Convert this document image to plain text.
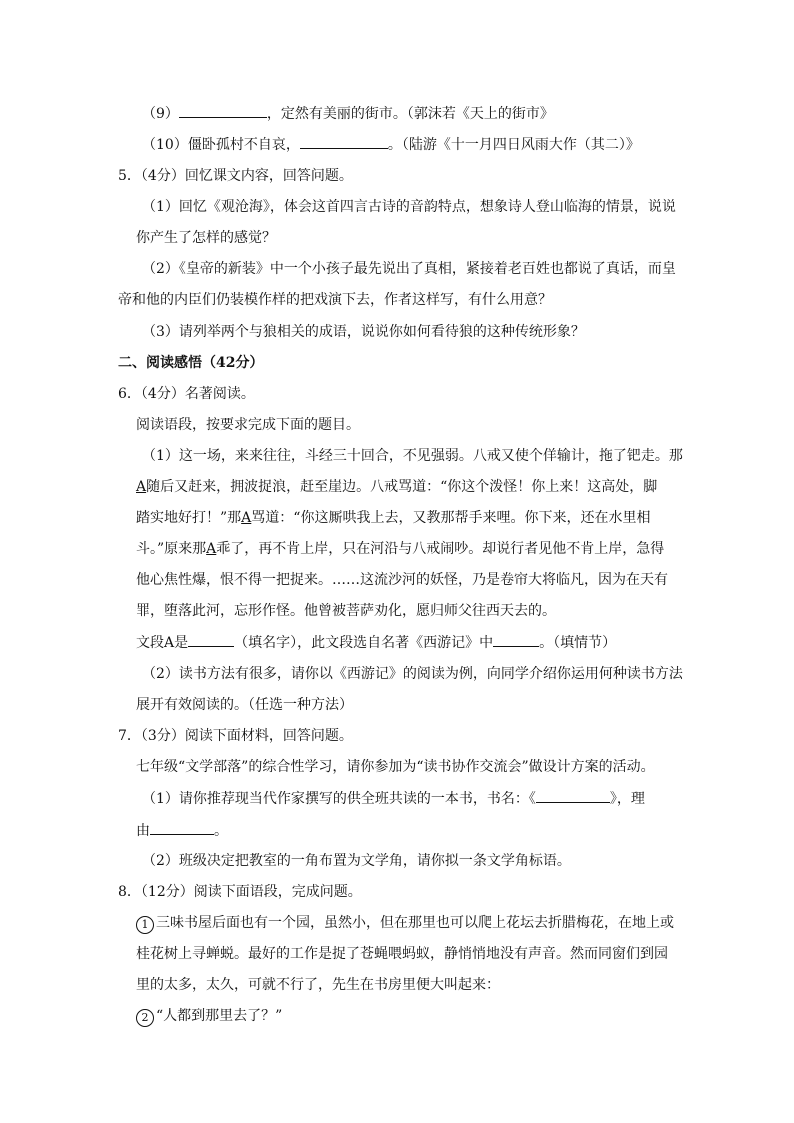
（9）	，定然有美丽的街市。（郭沫若《天上的街市》
（10）僵卧孤村不自哀，	。（陆游《十一月四日风雨大作（其二）》
5．（4分）回忆课文内容，回答问题。
（1）回忆《观沧海》，体会这首四言古诗的音韵特点，想象诗人登山临海的情景，说说
你产生了怎样的感觉？
（2）《皇帝的新装》中一个小孩子最先说出了真相，紧接着老百姓也都说了真话，而皇
帝和他的内臣们仍装模作样的把戏演下去，作者这样写，有什么用意？
（3）请列举两个与狼相关的成语，说说你如何看待狼的这种传统形象？
二、阅读感悟（42分）
6．（4分）名著阅读。
阅读语段，按要求完成下面的题目。
（1）这一场，来来往往，斗经三十回合，不见强弱。八戒又使个佯输计，拖了钯走。那
A随后又赶来，拥波捉浪，赶至崖边。八戒骂道：“你这个泼怪！你上来！这高处，脚
踏实地好打！”那A骂道：“你这厮哄我上去，又教那帮手来哩。你下来，还在水里相
斗。”原来那A乖了，再不肯上岸，只在河沿与八戒闹吵。却说行者见他不肯上岸，急得
他心焦性爆，恨不得一把捉来。……这流沙河的妖怪，乃是卷帘大将临凡，因为在天有
罪，堕落此河，忘形作怪。他曾被菩萨劝化，愿归师父往西天去的。
文段A是	（填名字），此文段选自名著《西游记》中	。（填情节）
（2）读书方法有很多，请你以《西游记》的阅读为例，向同学介绍你运用何种读书方法
展开有效阅读的。（任选一种方法）
7．（3分）阅读下面材料，回答问题。
七年级“文学部落”的综合性学习，请你参加为“读书协作交流会”做设计方案的活动。
（1）请你推荐现当代作家撰写的供全班共读的一本书，书名：《	》，理
由	。
（2）班级决定把教室的一角布置为文学角，请你拟一条文学角标语。
8．（12分）阅读下面语段，完成问题。
1 三味书屋后面也有一个园，虽然小，但在那里也可以爬上花坛去折腊梅花，在地上或
桂花树上寻蝉蜕。最好的工作是捉了苍蝇喂蚂蚁，静悄悄地没有声音。然而同窗们到园
里的太多，太久，可就不行了，先生在书房里便大叫起来：
2 “人都到那里去了？”
